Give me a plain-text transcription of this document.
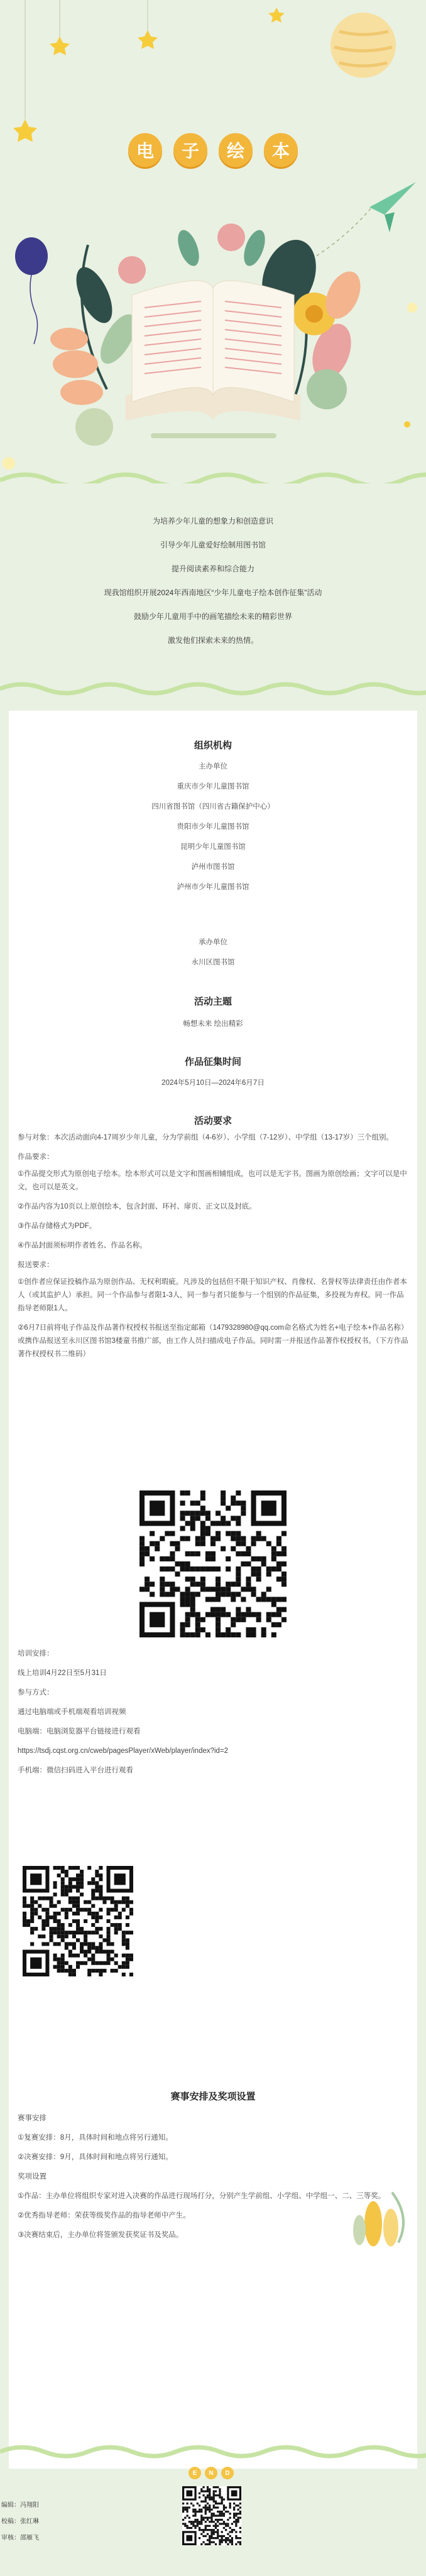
电	子	绘	本

为培养少年儿童的想象力和创造意识

引导少年儿童爱好绘制用图书馆

提升阅读素养和综合能力

现我馆组织开展2024年西南地区“少年儿童电子绘本创作征集”活动

鼓励少年儿童用手中的画笔描绘未来的精彩世界

激发他们探索未来的热情。

组织机构
主办单位
重庆市少年儿童图书馆
四川省图书馆（四川省古籍保护中心）
贵阳市少年儿童图书馆
昆明少年儿童图书馆
泸州市图书馆
泸州市少年儿童图书馆
承办单位
永川区图书馆
活动主题
畅想未来 绘出精彩
作品征集时间
2024年5月10日—2024年6月7日
活动要求

参与对象：本次活动面向4-17周岁少年儿童，分为学前组（4-6岁）、小学组（7-12岁）、中学组（13-17岁）三个组别。

作品要求：

①作品提交形式为原创电子绘本。绘本形式可以是文字和图画相辅组成，也可以是无字书。图画为原创绘画；文字可以是中文，也可以是英文。

②作品内容为10页以上原创绘本，包含封面、环衬、扉页、正文以及封底。

③作品存储格式为PDF。

④作品封面须标明作者姓名、作品名称。

报送要求：

①创作者应保证投稿作品为原创作品、无权利瑕疵。凡涉及的包括但不限于知识产权、肖像权、名誉权等法律责任由作者本人（或其监护人）承担。同一个作品参与者限1-3人，同一参与者只能参与一个组别的作品征集，多投视为弃权。同一作品指导老师限1人。

②6月7日前将电子作品及作品著作权授权书报送至指定邮箱（1479328980@qq.com命名格式为姓名+电子绘本+作品名称）或携作品报送至永川区图书馆3楼童书推广部，由工作人员扫描成电子作品。同时需一并报送作品著作权授权书。（下方作品著作权授权书二维码）

培训安排：

线上培训4月22日至5月31日

参与方式：

通过电脑端或手机端观看培训视频

电脑端：电脑浏览器平台链接进行观看

https://tsdj.cqst.org.cn/cweb/pagesPlayer/xWeb/player/index?id=2

手机端：微信扫码进入平台进行观看

赛事安排及奖项设置

赛事安排

①复赛安排：8月，具体时间和地点将另行通知。

②决赛安排：9月，具体时间和地点将另行通知。

奖项设置

①作品：主办单位将组织专家对进入决赛的作品进行现场打分，分别产生学前组、小学组、中学组一、二、三等奖。

②优秀指导老师：荣获等级奖作品的指导老师中产生。

③决赛结束后，主办单位将签颁发获奖证书及奖品。

E	N	D
编辑：冯翔阳
校稿：张红琳
审核：邵雁飞
